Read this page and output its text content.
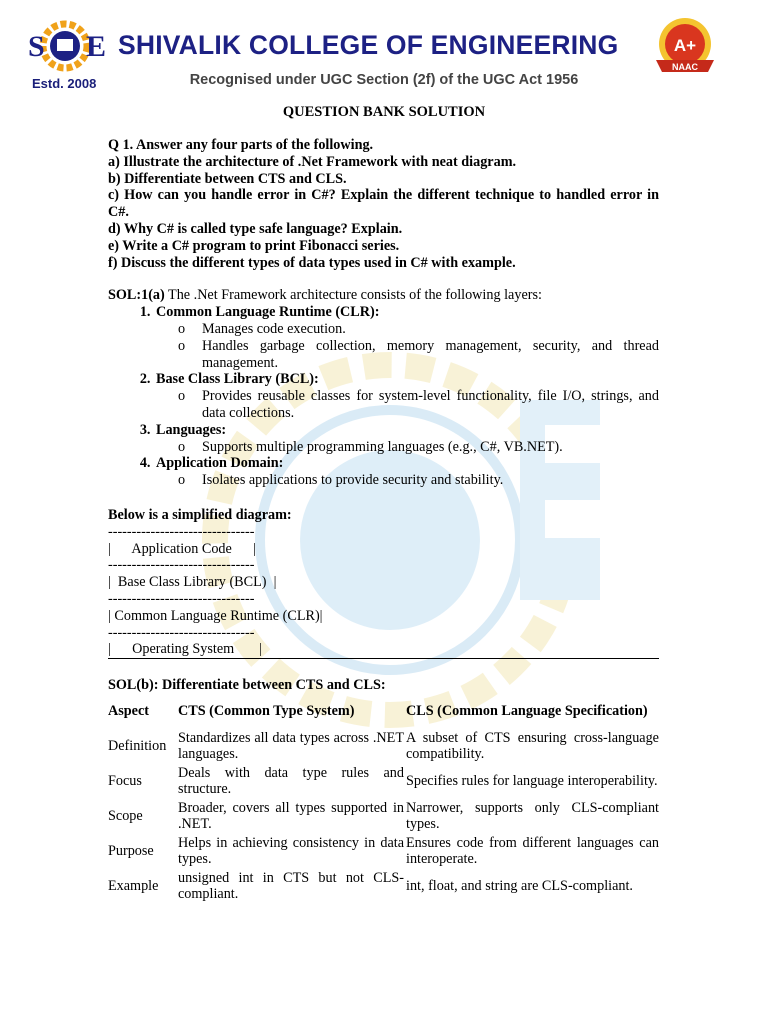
S E
Estd. 2008
SHIVALIK COLLEGE OF ENGINEERING
Recognised under UGC Section (2f) of the UGC Act 1956
A+
NAAC
QUESTION BANK SOLUTION

Q 1. Answer any four parts of the following.

a) Illustrate the architecture of .Net Framework with neat diagram.

b) Differentiate between CTS and CLS.

c) How can you handle error in C#? Explain the different technique to handled error in C#.

d) Why C# is called type safe language? Explain.

e) Write a C# program to print Fibonacci series.

f) Discuss the different types of data types used in C# with example.

SOL:1(a) The .Net Framework architecture consists of the following layers:
1. Common Language Runtime (CLR):
o Manages code execution.
o Handles garbage collection, memory management, security, and thread management.
2. Base Class Library (BCL):
o Provides reusable classes for system-level functionality, file I/O, strings, and data collections.
3. Languages:
o Supports multiple programming languages (e.g., C#, VB.NET).
4. Application Domain:
o Isolates applications to provide security and stability.
Below is a simplified diagram:
-------------------------------
|      Application Code      |
-------------------------------
|  Base Class Library (BCL)  |
-------------------------------
| Common Language Runtime (CLR)|
-------------------------------
|      Operating System       |
SOL(b): Differentiate between CTS and CLS:
Aspect	CTS (Common Type System)	CLS (Common Language Specification)
Definition	Standardizes all data types across .NET languages.	A subset of CTS ensuring cross-language compatibility.
Focus	Deals with data type rules and structure.	Specifies rules for language interoperability.
Scope	Broader, covers all types supported in .NET.	Narrower, supports only CLS-compliant types.
Purpose	Helps in achieving consistency in data types.	Ensures code from different languages can interoperate.
Example	unsigned int in CTS but not CLS-compliant.	int, float, and string are CLS-compliant.
